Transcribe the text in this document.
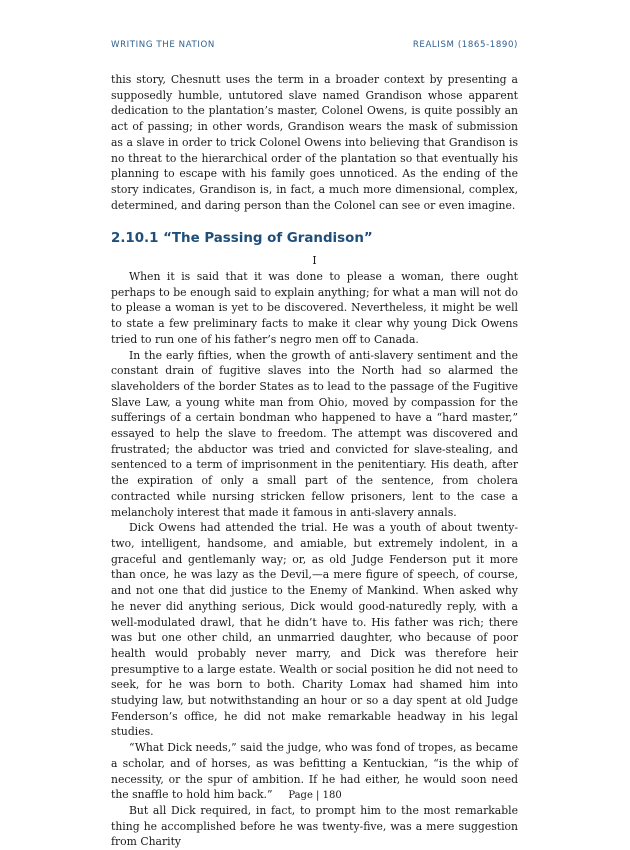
WRITING THE NATION	REALISM (1865-1890)

this story, Chesnutt uses the term in a broader context by presenting a supposedly humble, untutored slave named Grandison whose apparent dedication to the plantation’s master, Colonel Owens, is quite possibly an act of passing; in other words, Grandison wears the mask of submission as a slave in order to trick Colonel Owens into believing that Grandison is no threat to the hierarchical order of the plantation so that eventually his planning to escape with his family goes unnoticed. As the ending of the story indicates, Grandison is, in fact, a much more dimensional, complex, determined, and daring person than the Colonel can see or even imagine.

2.10.1 “The Passing of Grandison”
I

When it is said that it was done to please a woman, there ought perhaps to be enough said to explain anything; for what a man will not do to please a woman is yet to be discovered. Nevertheless, it might be well to state a few preliminary facts to make it clear why young Dick Owens tried to run one of his father’s negro men off to Canada.

In the early fifties, when the growth of anti-slavery sentiment and the constant drain of fugitive slaves into the North had so alarmed the slaveholders of the border States as to lead to the passage of the Fugitive Slave Law, a young white man from Ohio, moved by compassion for the sufferings of a certain bondman who happened to have a “hard master,” essayed to help the slave to freedom. The attempt was discovered and frustrated; the abductor was tried and convicted for slave-stealing, and sentenced to a term of imprisonment in the penitentiary. His death, after the expiration of only a small part of the sentence, from cholera contracted while nursing stricken fellow prisoners, lent to the case a melancholy interest that made it famous in anti-slavery annals.

Dick Owens had attended the trial. He was a youth of about twenty-two, intelligent, handsome, and amiable, but extremely indolent, in a graceful and gentlemanly way; or, as old Judge Fenderson put it more than once, he was lazy as the Devil,—a mere figure of speech, of course, and not one that did justice to the Enemy of Mankind. When asked why he never did anything serious, Dick would good-naturedly reply, with a well-modulated drawl, that he didn’t have to. His father was rich; there was but one other child, an unmarried daughter, who because of poor health would probably never marry, and Dick was therefore heir presumptive to a large estate. Wealth or social position he did not need to seek, for he was born to both. Charity Lomax had shamed him into studying law, but notwithstanding an hour or so a day spent at old Judge Fenderson’s office, he did not make remarkable headway in his legal studies.

“What Dick needs,” said the judge, who was fond of tropes, as became a scholar, and of horses, as was befitting a Kentuckian, “is the whip of necessity, or the spur of ambition. If he had either, he would soon need the snaffle to hold him back.”

But all Dick required, in fact, to prompt him to the most remarkable thing he accomplished before he was twenty-five, was a mere suggestion from Charity

Page | 180
